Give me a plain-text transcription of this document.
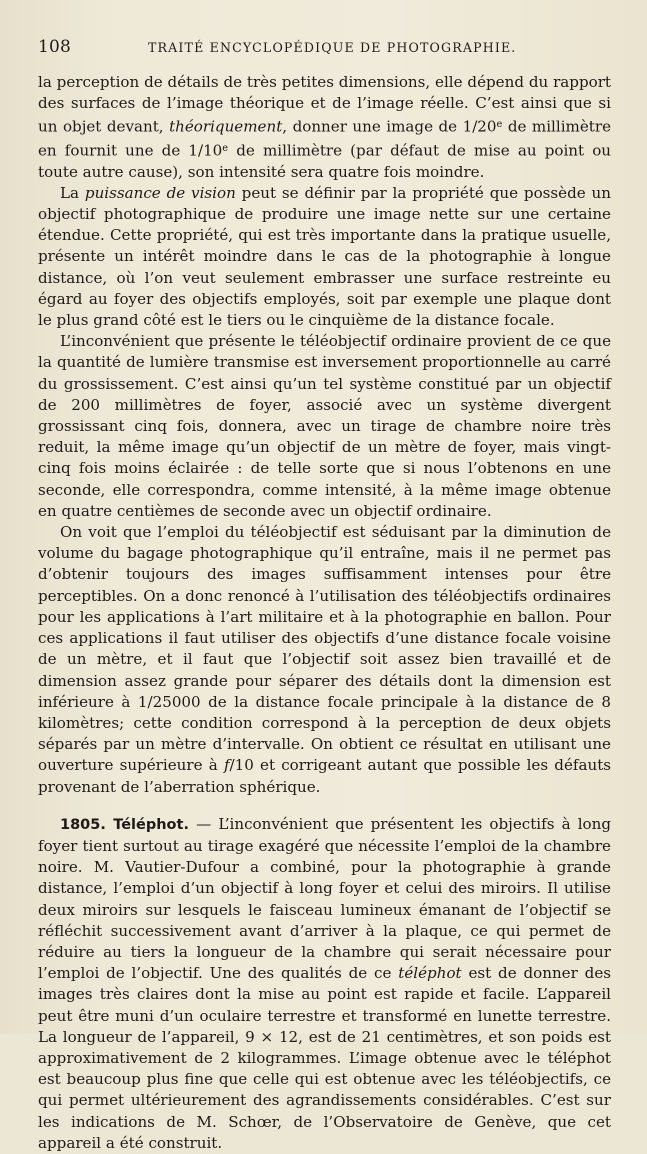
108	TRAITÉ ENCYCLOPÉDIQUE DE PHOTOGRAPHIE.

la perception de détails de très petites dimensions, elle dépend du rapport des surfaces de l’image théorique et de l’image réelle. C’est ainsi que si un objet devant, théoriquement, donner une image de 1/20e de millimètre en fournit une de 1/10e de millimètre (par défaut de mise au point ou toute autre cause), son intensité sera quatre fois moindre.

La puissance de vision peut se définir par la propriété que possède un objectif photographique de produire une image nette sur une certaine étendue. Cette propriété, qui est très importante dans la pratique usuelle, présente un intérêt moindre dans le cas de la photographie à longue distance, où l’on veut seulement embrasser une surface restreinte eu égard au foyer des objectifs employés, soit par exemple une plaque dont le plus grand côté est le tiers ou le cinquième de la distance focale.

L’inconvénient que présente le téléobjectif ordinaire provient de ce que la quantité de lumière transmise est inversement proportionnelle au carré du grossissement. C’est ainsi qu’un tel système constitué par un objectif de 200 millimètres de foyer, associé avec un système divergent grossissant cinq fois, donnera, avec un tirage de chambre noire très reduit, la même image qu’un objectif de un mètre de foyer, mais vingt-cinq fois moins éclairée : de telle sorte que si nous l’obtenons en une seconde, elle correspondra, comme intensité, à la même image obtenue en quatre centièmes de seconde avec un objectif ordinaire.

On voit que l’emploi du téléobjectif est séduisant par la diminution de volume du bagage photographique qu’il entraîne, mais il ne permet pas d’obtenir toujours des images suffisamment intenses pour être perceptibles. On a donc renoncé à l’utilisation des téléobjectifs ordinaires pour les applications à l’art militaire et à la photographie en ballon. Pour ces applications il faut utiliser des objectifs d’une distance focale voisine de un mètre, et il faut que l’objectif soit assez bien travaillé et de dimension assez grande pour séparer des détails dont la dimension est inférieure à 1/25000 de la distance focale principale à la distance de 8 kilomètres; cette condition correspond à la perception de deux objets séparés par un mètre d’intervalle. On obtient ce résultat en utilisant une ouverture supérieure à f/10 et corrigeant autant que possible les défauts provenant de l’aberration sphérique.

1805. Téléphot. — L’inconvénient que présentent les objectifs à long foyer tient surtout au tirage exagéré que nécessite l’emploi de la chambre noire. M. Vautier-Dufour a combiné, pour la photographie à grande distance, l’emploi d’un objectif à long foyer et celui des miroirs. Il utilise deux miroirs sur lesquels le faisceau lumineux émanant de l’objectif se réfléchit successivement avant d’arriver à la plaque, ce qui permet de réduire au tiers la longueur de la chambre qui serait nécessaire pour l’emploi de l’objectif. Une des qualités de ce téléphot est de donner des images très claires dont la mise au point est rapide et facile. L’appareil peut être muni d’un oculaire terrestre et transformé en lunette terrestre. La longueur de l’appareil, 9 × 12, est de 21 centimètres, et son poids est approximativement de 2 kilogrammes. L’image obtenue avec le téléphot est beaucoup plus fine que celle qui est obtenue avec les téléobjectifs, ce qui permet ultérieurement des agrandissements considérables. C’est sur les indications de M. Schœr, de l’Observatoire de Genève, que cet appareil a été construit.
